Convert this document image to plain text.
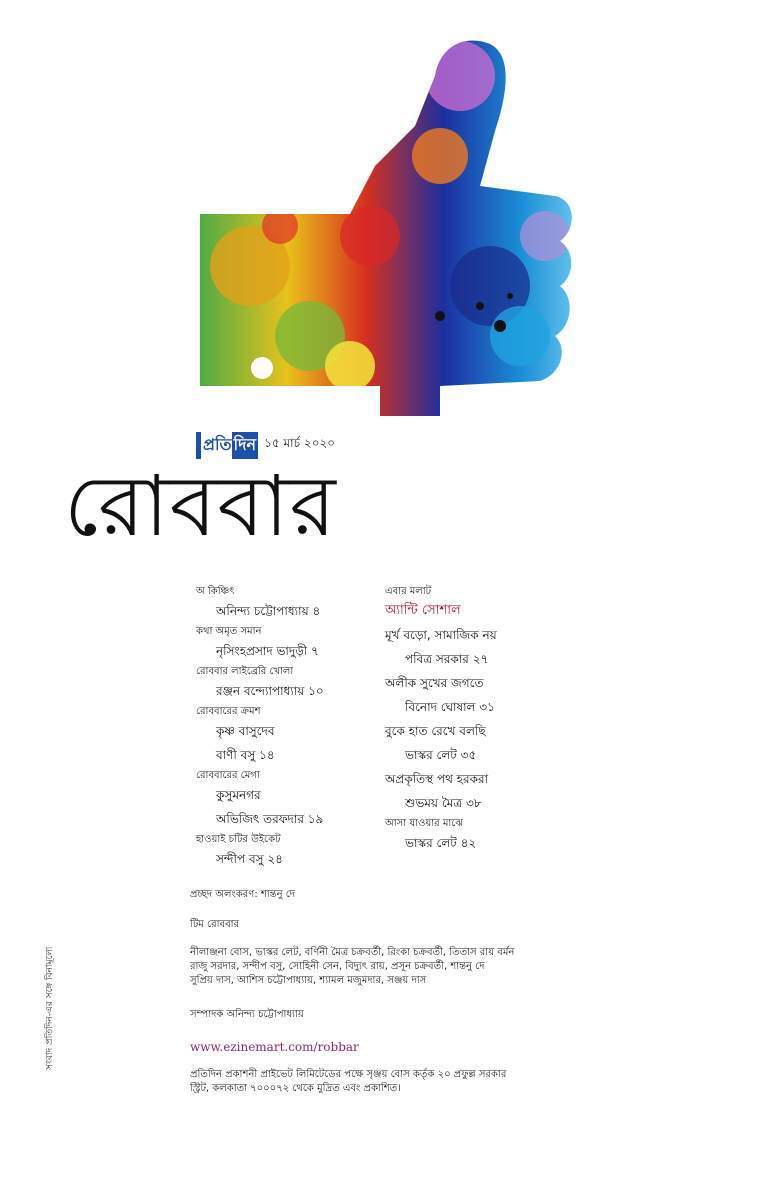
প্রতি দিন ১৫ মার্চ ২০২০
রোববার
অ কিঞ্চিৎ
অনিন্দ্য চট্টোপাধ্যায় ৪
কথা অমৃত সমান
নৃসিংহপ্রসাদ ভাদুড়ী ৭
রোববার লাইব্রেরি খোলা
রঞ্জন বন্দ্যোপাধ্যায় ১০
রোববারের ক্রমশ
কৃষ্ণ বাসুদেব
বাণী বসু ১৪
রোববারের মেগা
কুসুমনগর
অভিজিৎ তরফদার ১৯
হাওয়াই চটির উইকেট
সন্দীপ বসু ২৪
এবার মলাট
অ্যান্টি সোশাল
মূর্খ বড়ো, সামাজিক নয়
পবিত্র সরকার ২৭
অলীক সুখের জগতে
বিনোদ ঘোষাল ৩১
বুকে হাত রেখে বলছি
ভাস্কর লেট ৩৫
অপ্রকৃতিস্থ পথ হরকরা
শুভময় মৈত্র ৩৮
আসা যাওয়ার মাঝে
ভাস্কর লেট ৪২
প্রচ্ছদ অলংকরণ: শান্তনু দে
টিম রোববার
নীলাঞ্জনা বোস, ভাস্কর লেট, বর্ণিনী মৈত্র চক্রবর্তী, রিংকা চক্রবর্তী, তিতাস রায় বর্মন
রাজু সরদার, সন্দীপ বসু, সোহিনী সেন, বিদ্যুৎ রায়, প্রসূন চক্রবর্তী, শান্তনু দে
সুপ্রিয় দাস, আশিস চট্টোপাধ্যায়, শ্যামল মজুমদার, সঞ্জয় দাস
সম্পাদক অনিন্দ্য চট্টোপাধ্যায়
www.ezinemart.com/robbar
প্রতিদিন প্রকাশনী প্রাইভেট লিমিটেডের পক্ষে সৃঞ্জয় বোস কর্তৃক ২০ প্রফুল্ল সরকার
স্ট্রিট, কলকাতা ৭০০০৭২ থেকে মুদ্রিত এবং প্রকাশিত।
সংবাদ প্রতিদিন-এর সঙ্গে বিনামূল্যে
